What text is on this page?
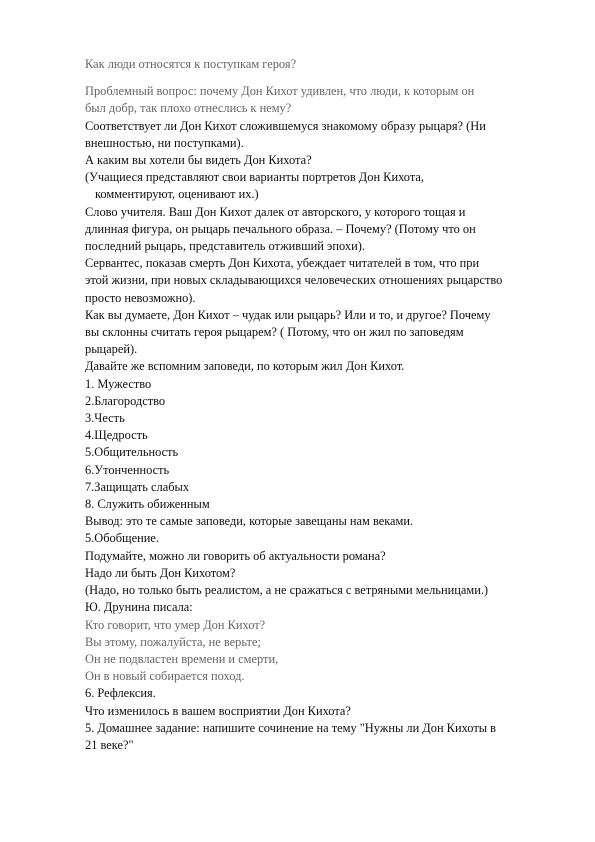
Как люди относятся к поступкам героя?
Проблемный вопрос: почему Дон Кихот удивлен, что люди, к которым он
был добр, так плохо отнеслись к нему?
Соответствует ли Дон Кихот сложившемуся знакомому образу рыцаря? (Ни
внешностью, ни поступками).
А каким вы хотели бы видеть Дон Кихота?
(Учащиеся представляют свои варианты портретов Дон Кихота,
комментируют, оценивают их.)
Слово учителя. Ваш Дон Кихот далек от авторского, у которого тощая и
длинная фигура, он рыцарь печального образа. – Почему? (Потому что он
последний рыцарь, представитель отживший эпохи).
Сервантес, показав смерть Дон Кихота, убеждает читателей в том, что при
этой жизни, при новых складывающихся человеческих отношениях рыцарство
просто невозможно).
Как вы думаете, Дон Кихот – чудак или рыцарь? Или и то, и другое? Почему
вы склонны считать героя рыцарем? ( Потому, что он жил по заповедям
рыцарей).
Давайте же вспомним заповеди, по которым жил Дон Кихот.
1. Мужество
2.Благородство
3.Честь
4.Щедрость
5.Общительность
6.Утонченность
7.Защищать слабых
8. Служить обиженным
Вывод: это те самые заповеди, которые завещаны нам веками.
5.Обобщение.
Подумайте, можно ли говорить об актуальности романа?
Надо ли быть Дон Кихотом?
(Надо, но только быть реалистом, а не сражаться с ветряными мельницами.)
Ю. Друнина писала:
Кто говорит, что умер Дон Кихот?
Вы этому, пожалуйста, не верьте;
Он не подвластен времени и смерти,
Он в новый собирается поход.
6. Рефлексия.
Что изменилось в вашем восприятии Дон Кихота?
5. Домашнее задание: напишите сочинение на тему "Нужны ли Дон Кихоты в
21 веке?"
